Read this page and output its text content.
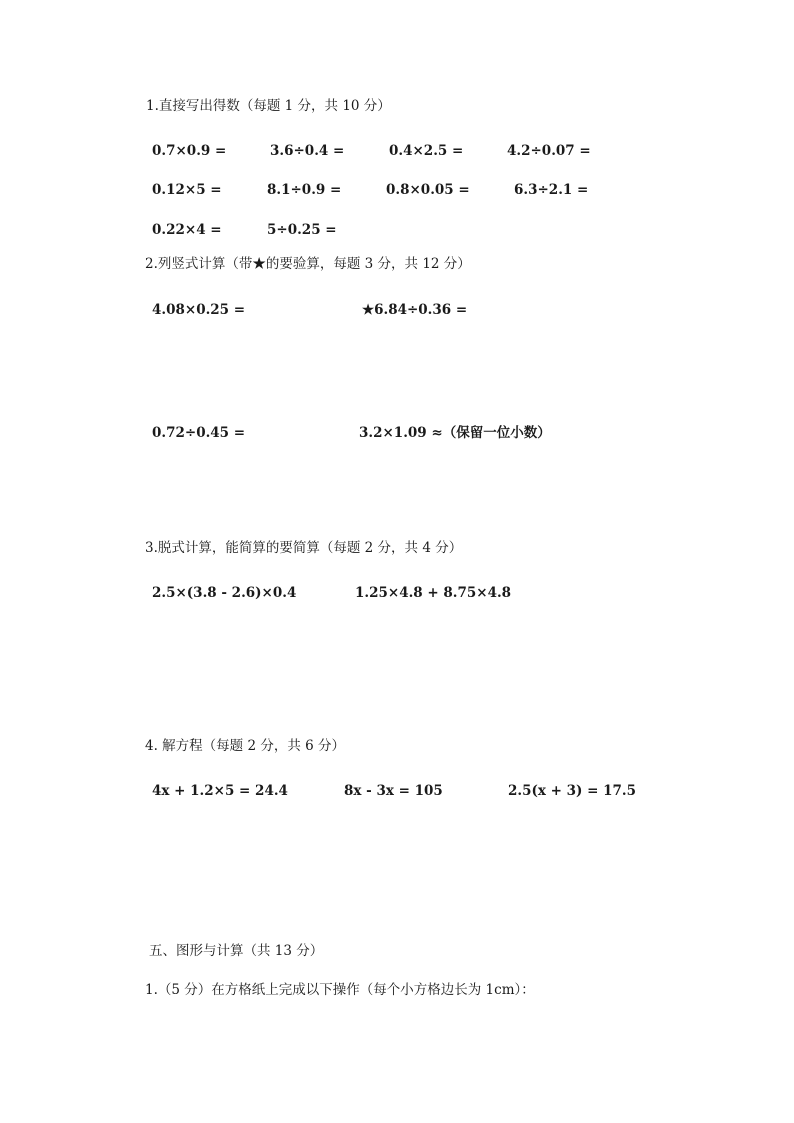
1.直接写出得数（每题 1 分，共 10 分）
0.7×0.9 =	3.6÷0.4 =	0.4×2.5 =	4.2÷0.07 =
0.12×5 =	8.1÷0.9 =	0.8×0.05 =	6.3÷2.1 =
0.22×4 =	5÷0.25 =
2.列竖式计算（带★的要验算，每题 3 分，共 12 分）
4.08×0.25 =	★6.84÷0.36 =
0.72÷0.45 =	3.2×1.09 ≈（保留一位小数）
3.脱式计算，能简算的要简算（每题 2 分，共 4 分）
2.5×(3.8 - 2.6)×0.4	1.25×4.8 + 8.75×4.8
4. 解方程（每题 2 分，共 6 分）
4x + 1.2×5 = 24.4	8x - 3x = 105	2.5(x + 3) = 17.5
五、图形与计算（共 13 分）
1.（5 分）在方格纸上完成以下操作（每个小方格边长为 1cm）：
